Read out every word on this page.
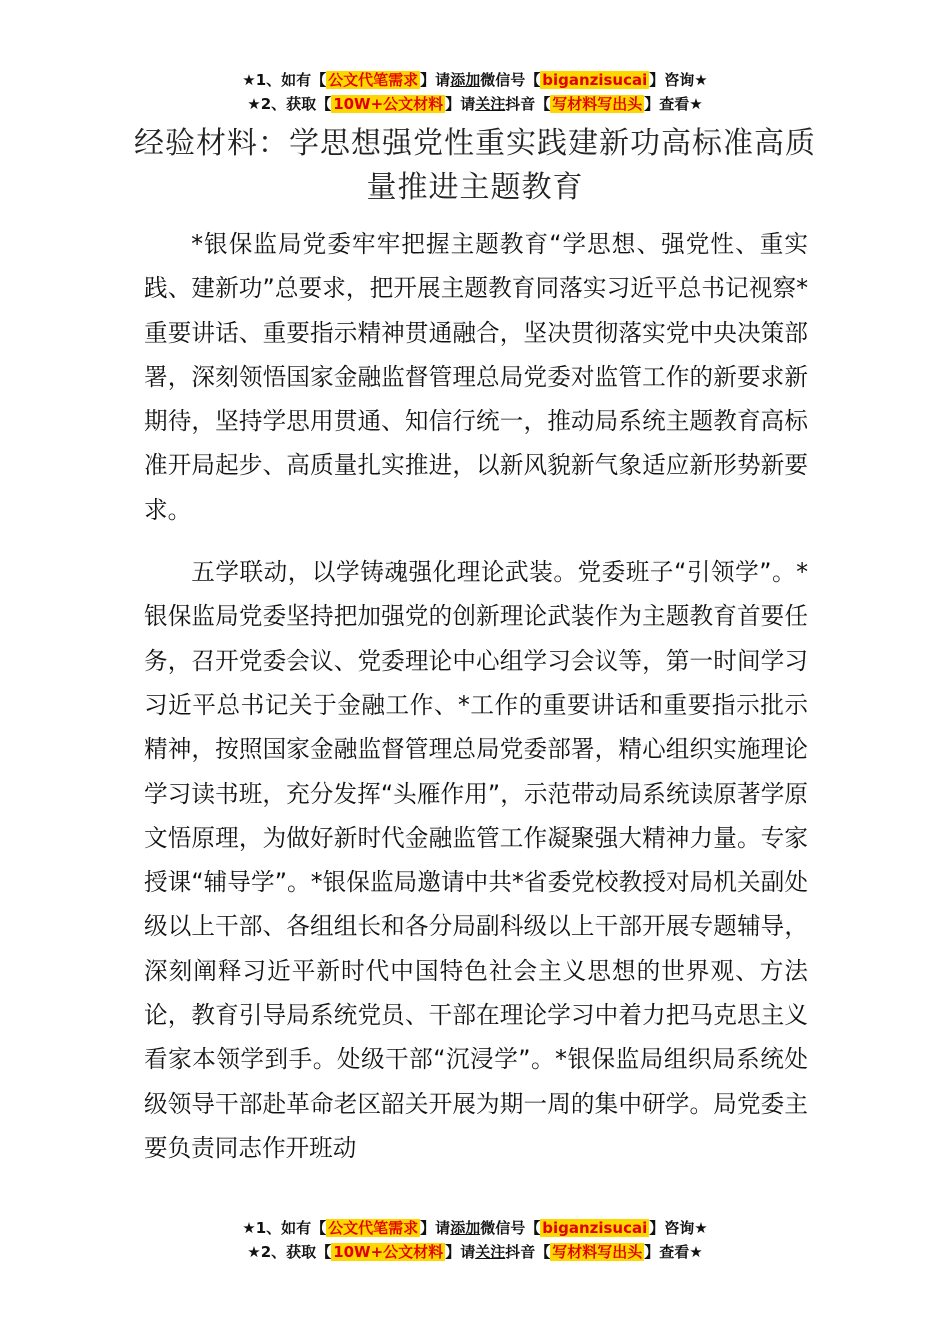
★1、如有【 公文代笔需求 】请添加微信号【 biganzisucai 】咨询★
★2、获取【 10W+公文材料 】请关注抖音【 写材料写出头 】查看★
经验材料：学思想强党性重实践建新功高标准高质量推进主题教育

*银保监局党委牢牢把握主题教育“学思想、强党性、重实践、建新功”总要求，把开展主题教育同落实习近平总书记视察*重要讲话、重要指示精神贯通融合，坚决贯彻落实党中央决策部署，深刻领悟国家金融监督管理总局党委对监管工作的新要求新期待，坚持学思用贯通、知信行统一，推动局系统主题教育高标准开局起步、高质量扎实推进，以新风貌新气象适应新形势新要求。

五学联动，以学铸魂强化理论武装。党委班子“引领学”。*银保监局党委坚持把加强党的创新理论武装作为主题教育首要任务，召开党委会议、党委理论中心组学习会议等，第一时间学习习近平总书记关于金融工作、*工作的重要讲话和重要指示批示精神，按照国家金融监督管理总局党委部署，精心组织实施理论学习读书班，充分发挥“头雁作用”，示范带动局系统读原著学原文悟原理，为做好新时代金融监管工作凝聚强大精神力量。专家授课“辅导学”。*银保监局邀请中共*省委党校教授对局机关副处级以上干部、各组组长和各分局副科级以上干部开展专题辅导，深刻阐释习近平新时代中国特色社会主义思想的世界观、方法论，教育引导局系统党员、干部在理论学习中着力把马克思主义看家本领学到手。处级干部“沉浸学”。*银保监局组织局系统处级领导干部赴革命老区韶关开展为期一周的集中研学。局党委主要负责同志作开班动

★1、如有【 公文代笔需求 】请添加微信号【 biganzisucai 】咨询★
★2、获取【 10W+公文材料 】请关注抖音【 写材料写出头 】查看★
